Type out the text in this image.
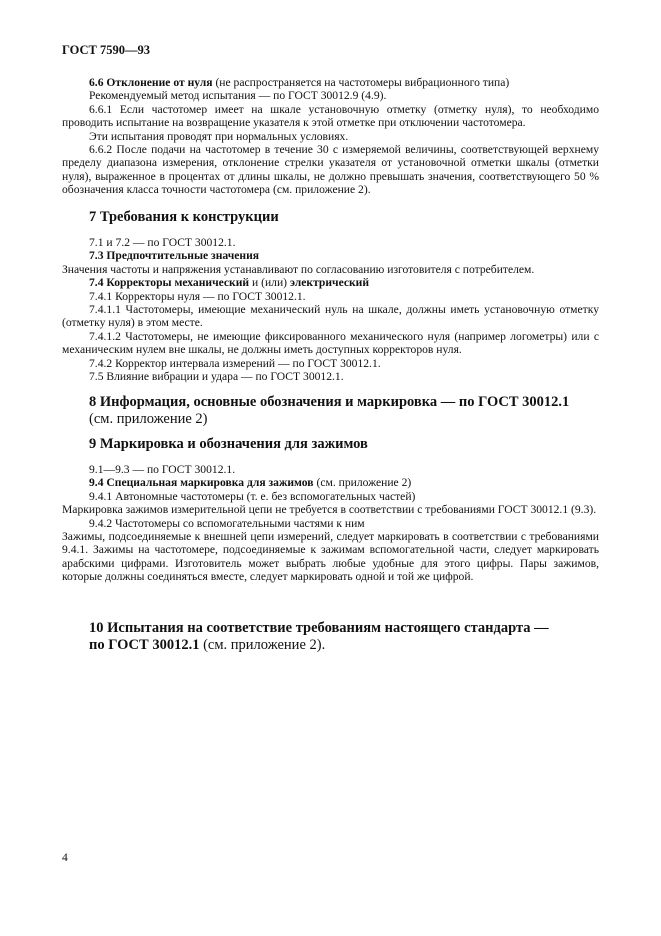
ГОСТ 7590—93

6.6 Отклонение от нуля (не распространяется на частотомеры вибрационного типа)

Рекомендуемый метод испытания — по ГОСТ 30012.9 (4.9).

6.6.1 Если частотомер имеет на шкале установочную отметку (отметку нуля), то необходимо проводить испытание на возвращение указателя к этой отметке при отключении частотомера.

Эти испытания проводят при нормальных условиях.

6.6.2 После подачи на частотомер в течение 30 с измеряемой величины, соответствующей верхнему пределу диапазона измерения, отклонение стрелки указателя от установочной отметки шкалы (отметки нуля), выраженное в процентах от длины шкалы, не должно превышать значения, соответствующего 50 % обозначения класса точности частотомера (см. приложение 2).

7 Требования к конструкции

7.1 и 7.2 — по ГОСТ 30012.1.

7.3 Предпочтительные значения

Значения частоты и напряжения устанавливают по согласованию изготовителя с потребителем.

7.4 Корректоры механический и (или) электрический

7.4.1 Корректоры нуля — по ГОСТ 30012.1.

7.4.1.1 Частотомеры, имеющие механический нуль на шкале, должны иметь установочную отметку (отметку нуля) в этом месте.

7.4.1.2 Частотомеры, не имеющие фиксированного механического нуля (например логометры) или с механическим нулем вне шкалы, не должны иметь доступных корректоров нуля.

7.4.2 Корректор интервала измерений — по ГОСТ 30012.1.

7.5 Влияние вибрации и удара — по ГОСТ 30012.1.

8 Информация, основные обозначения и маркировка — по ГОСТ 30012.1
(см. приложение 2)
9 Маркировка и обозначения для зажимов

9.1—9.3 — по ГОСТ 30012.1.

9.4 Специальная маркировка для зажимов (см. приложение 2)

9.4.1 Автономные частотомеры (т. е. без вспомогательных частей)

Маркировка зажимов измерительной цепи не требуется в соответствии с требованиями ГОСТ 30012.1 (9.3).

9.4.2 Частотомеры со вспомогательными частями к ним

Зажимы, подсоединяемые к внешней цепи измерений, следует маркировать в соответствии с требованиями 9.4.1. Зажимы на частотомере, подсоединяемые к зажимам вспомогательной части, следует маркировать арабскими цифрами. Изготовитель может выбрать любые удобные для этого цифры. Пары зажимов, которые должны соединяться вместе, следует маркировать одной и той же цифрой.

10 Испытания на соответствие требованиям настоящего стандарта —
по ГОСТ 30012.1 (см. приложение 2).
4
